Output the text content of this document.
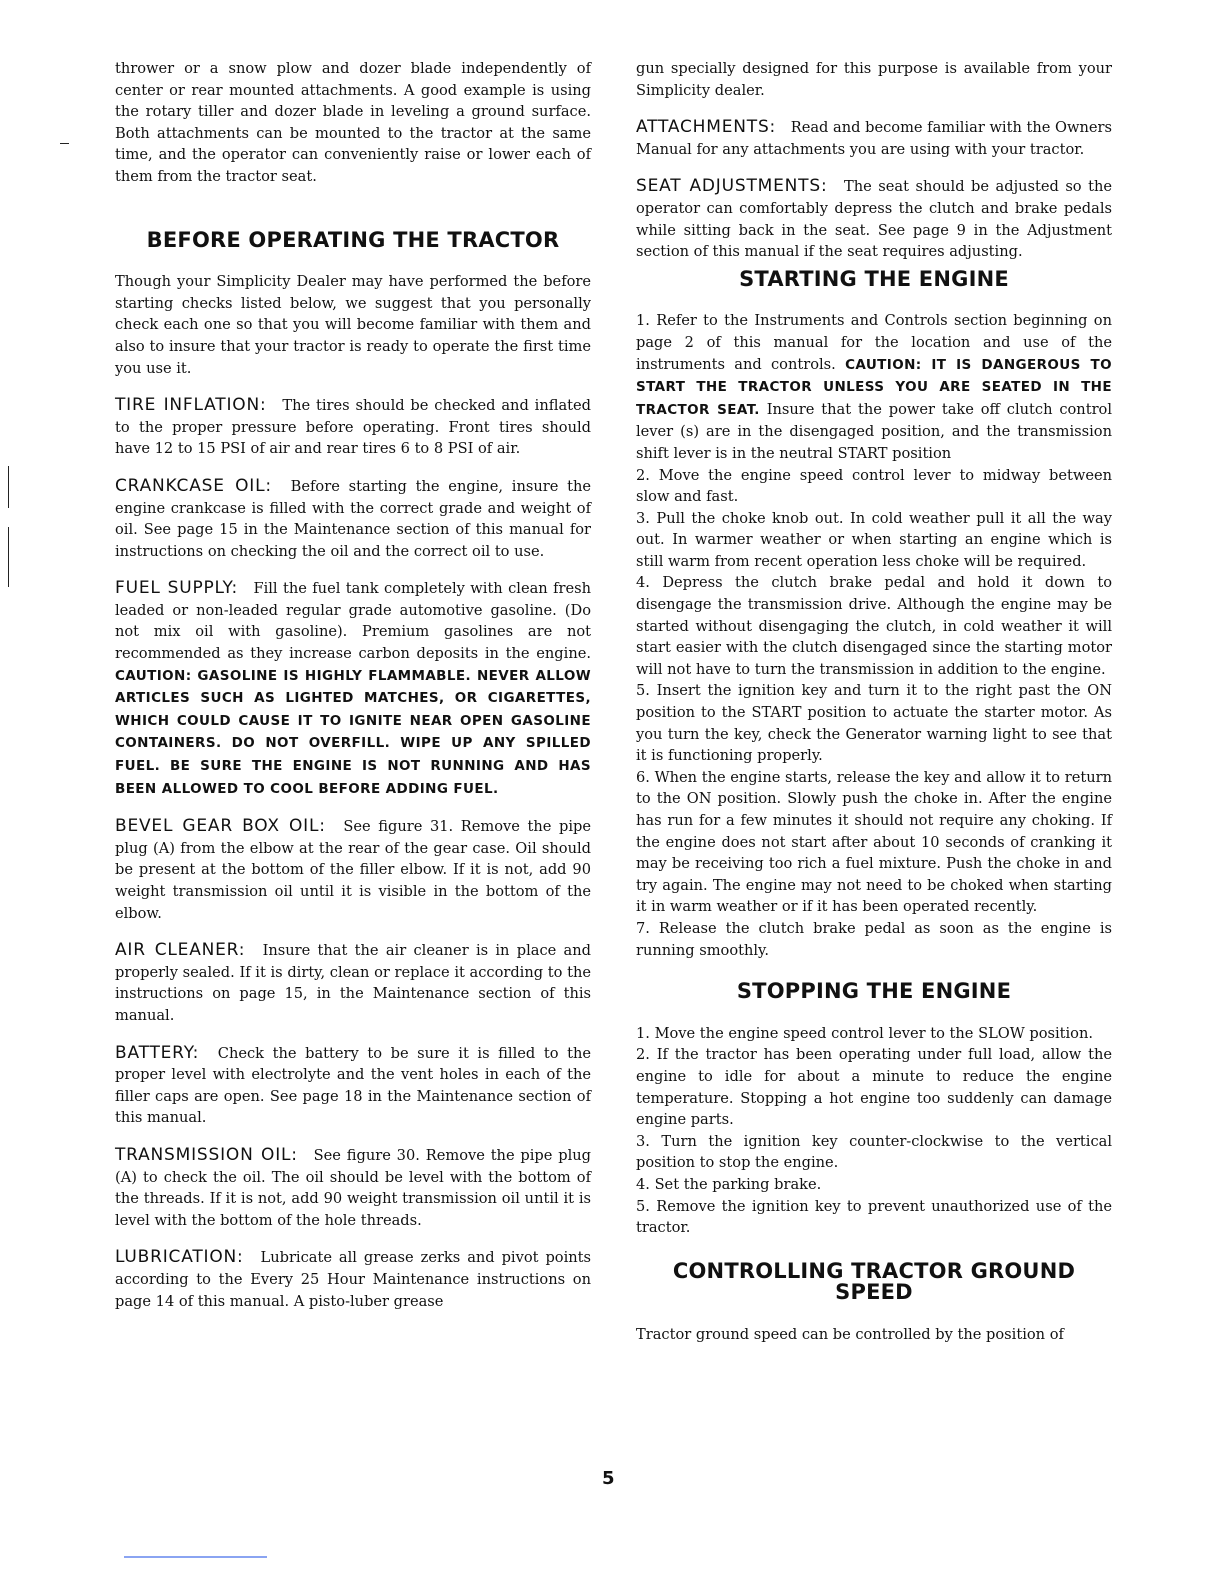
thrower or a snow plow and dozer blade independently of center or rear mounted attachments. A good example is using the rotary tiller and dozer blade in leveling a ground surface. Both attachments can be mounted to the tractor at the same time, and the operator can conveniently raise or lower each of them from the tractor seat.

BEFORE OPERATING THE TRACTOR

Though your Simplicity Dealer may have performed the before starting checks listed below, we suggest that you personally check each one so that you will become familiar with them and also to insure that your tractor is ready to operate the first time you use it.

TIRE INFLATION: The tires should be checked and inflated to the proper pressure before operating. Front tires should have 12 to 15 PSI of air and rear tires 6 to 8 PSI of air.

CRANKCASE OIL: Before starting the engine, insure the engine crankcase is filled with the correct grade and weight of oil. See page 15 in the Maintenance section of this manual for instructions on checking the oil and the correct oil to use.

FUEL SUPPLY: Fill the fuel tank completely with clean fresh leaded or non-leaded regular grade automotive gasoline. (Do not mix oil with gasoline). Premium gasolines are not recommended as they increase carbon deposits in the engine. CAUTION: GASOLINE IS HIGHLY FLAMMABLE. NEVER ALLOW ARTICLES SUCH AS LIGHTED MATCHES, OR CIGARETTES, WHICH COULD CAUSE IT TO IGNITE NEAR OPEN GASOLINE CONTAINERS. DO NOT OVERFILL. WIPE UP ANY SPILLED FUEL. BE SURE THE ENGINE IS NOT RUNNING AND HAS BEEN ALLOWED TO COOL BEFORE ADDING FUEL.

BEVEL GEAR BOX OIL: See figure 31. Remove the pipe plug (A) from the elbow at the rear of the gear case. Oil should be present at the bottom of the filler elbow. If it is not, add 90 weight transmission oil until it is visible in the bottom of the elbow.

AIR CLEANER: Insure that the air cleaner is in place and properly sealed. If it is dirty, clean or replace it according to the instructions on page 15, in the Maintenance section of this manual.

BATTERY: Check the battery to be sure it is filled to the proper level with electrolyte and the vent holes in each of the filler caps are open. See page 18 in the Maintenance section of this manual.

TRANSMISSION OIL: See figure 30. Remove the pipe plug (A) to check the oil. The oil should be level with the bottom of the threads. If it is not, add 90 weight transmission oil until it is level with the bottom of the hole threads.

LUBRICATION: Lubricate all grease zerks and pivot points according to the Every 25 Hour Maintenance instructions on page 14 of this manual. A pisto-luber grease

gun specially designed for this purpose is available from your Simplicity dealer.

ATTACHMENTS: Read and become familiar with the Owners Manual for any attachments you are using with your tractor.

SEAT ADJUSTMENTS: The seat should be adjusted so the operator can comfortably depress the clutch and brake pedals while sitting back in the seat. See page 9 in the Adjustment section of this manual if the seat requires adjusting.

STARTING THE ENGINE

1. Refer to the Instruments and Controls section beginning on page 2 of this manual for the location and use of the instruments and controls. CAUTION: IT IS DANGEROUS TO START THE TRACTOR UNLESS YOU ARE SEATED IN THE TRACTOR SEAT. Insure that the power take off clutch control lever (s) are in the disengaged position, and the transmission shift lever is in the neutral START position

2. Move the engine speed control lever to midway between slow and fast.

3. Pull the choke knob out. In cold weather pull it all the way out. In warmer weather or when starting an engine which is still warm from recent operation less choke will be required.

4. Depress the clutch brake pedal and hold it down to disengage the transmission drive. Although the engine may be started without disengaging the clutch, in cold weather it will start easier with the clutch disengaged since the starting motor will not have to turn the transmission in addition to the engine.

5. Insert the ignition key and turn it to the right past the ON position to the START position to actuate the starter motor. As you turn the key, check the Generator warning light to see that it is functioning properly.

6. When the engine starts, release the key and allow it to return to the ON position. Slowly push the choke in. After the engine has run for a few minutes it should not require any choking. If the engine does not start after about 10 seconds of cranking it may be receiving too rich a fuel mixture. Push the choke in and try again. The engine may not need to be choked when starting it in warm weather or if it has been operated recently.

7. Release the clutch brake pedal as soon as the engine is running smoothly.

STOPPING THE ENGINE

1. Move the engine speed control lever to the SLOW position.

2. If the tractor has been operating under full load, allow the engine to idle for about a minute to reduce the engine temperature. Stopping a hot engine too suddenly can damage engine parts.

3. Turn the ignition key counter-clockwise to the vertical position to stop the engine.

4. Set the parking brake.

5. Remove the ignition key to prevent unauthorized use of the tractor.

CONTROLLING TRACTOR GROUND SPEED

Tractor ground speed can be controlled by the position of

5
